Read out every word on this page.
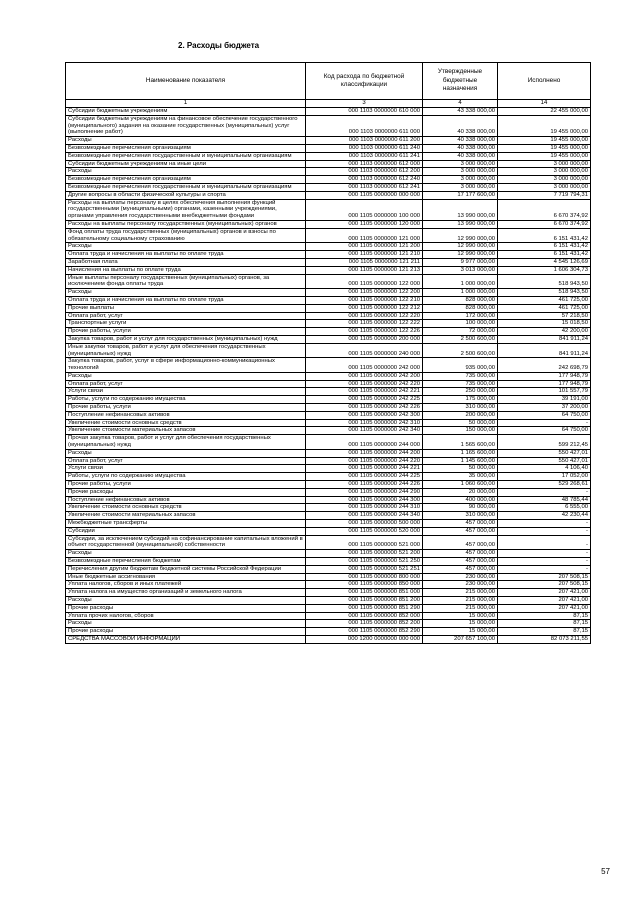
2. Расходы бюджета
Наименование показателя	Код расхода по бюджетной классификации	Утвержденные бюджетные назначения	Исполнено
1	3	4	14
Субсидии бюджетным учреждениям	000 1103 0000000 610 000	43 338 000,00	22 455 000,00
Субсидии бюджетным учреждениям на финансовое обеспечение государственного (муниципального) задания на оказание государственных (муниципальных) услуг (выполнение работ)	000 1103 0000000 611 000	40 338 000,00	19 455 000,00
Расходы	000 1103 0000000 611 200	40 338 000,00	19 455 000,00
Безвозмездные перечисления организациям	000 1103 0000000 611 240	40 338 000,00	19 455 000,00
Безвозмездные перечисления государственным и муниципальным организациям	000 1103 0000000 611 241	40 338 000,00	19 455 000,00
Субсидии бюджетным учреждениям на иные цели	000 1103 0000000 612 000	3 000 000,00	3 000 000,00
Расходы	000 1103 0000000 612 200	3 000 000,00	3 000 000,00
Безвозмездные перечисления организациям	000 1103 0000000 612 240	3 000 000,00	3 000 000,00
Безвозмездные перечисления государственным и муниципальным организациям	000 1103 0000000 612 241	3 000 000,00	3 000 000,00
Другие вопросы в области физической культуры и спорта	000 1105 0000000 000 000	17 177 600,00	7 719 794,31
Расходы на выплаты персоналу в целях обеспечения выполнения функций государственными (муниципальными) органами, казенными учреждениями, органами управления государственными внебюджетными фондами	000 1105 0000000 100 000	13 990 000,00	6 670 374,92
Расходы на выплаты персоналу государственных (муниципальных) органов	000 1105 0000000 120 000	13 990 000,00	6 670 374,92
Фонд оплаты труда государственных (муниципальных) органов и взносы по обязательному социальному страхованию	000 1105 0000000 121 000	12 990 000,00	6 151 431,42
Расходы	000 1105 0000000 121 200	12 990 000,00	6 151 431,42
Оплата труда и начисления на выплаты по оплате труда	000 1105 0000000 121 210	12 990 000,00	6 151 431,42
Заработная плата	000 1105 0000000 121 211	9 977 000,00	4 545 126,69
Начисления на выплаты по оплате труда	000 1105 0000000 121 213	3 013 000,00	1 606 304,73
Иные выплаты персоналу государственных (муниципальных) органов, за исключением фонда оплаты труда	000 1105 0000000 122 000	1 000 000,00	518 943,50
Расходы	000 1105 0000000 122 200	1 000 000,00	518 943,50
Оплата труда и начисления на выплаты по оплате труда	000 1105 0000000 122 210	828 000,00	461 725,00
Прочие выплаты	000 1105 0000000 122 212	828 000,00	461 725,00
Оплата работ, услуг	000 1105 0000000 122 220	172 000,00	57 218,50
Транспортные услуги	000 1105 0000000 122 222	100 000,00	15 018,50
Прочие работы, услуги	000 1105 0000000 122 226	72 000,00	42 200,00
Закупка товаров, работ и услуг для государственных (муниципальных) нужд	000 1105 0000000 200 000	2 500 600,00	841 911,24
Иные закупки товаров, работ и услуг для обеспечения государственных (муниципальных) нужд	000 1105 0000000 240 000	2 500 600,00	841 911,24
Закупка товаров, работ, услуг в сфере информационно-коммуникационных технологий	000 1105 0000000 242 000	935 000,00	242 698,79
Расходы	000 1105 0000000 242 200	735 000,00	177 948,79
Оплата работ, услуг	000 1105 0000000 242 220	735 000,00	177 948,79
Услуги связи	000 1105 0000000 242 221	250 000,00	101 557,79
Работы, услуги по содержанию имущества	000 1105 0000000 242 225	175 000,00	39 191,00
Прочие работы, услуги	000 1105 0000000 242 226	310 000,00	37 200,00
Поступление нефинансовых активов	000 1105 0000000 242 300	200 000,00	64 750,00
Увеличение стоимости основных средств	000 1105 0000000 242 310	50 000,00	-
Увеличение стоимости материальных запасов	000 1105 0000000 242 340	150 000,00	64 750,00
Прочая закупка товаров, работ и услуг для обеспечения государственных (муниципальных) нужд	000 1105 0000000 244 000	1 565 600,00	599 212,45
Расходы	000 1105 0000000 244 200	1 165 600,00	550 427,01
Оплата работ, услуг	000 1105 0000000 244 220	1 145 600,00	550 427,01
Услуги связи	000 1105 0000000 244 221	50 000,00	4 106,40
Работы, услуги по содержанию имущества	000 1105 0000000 244 225	35 000,00	17 052,00
Прочие работы, услуги	000 1105 0000000 244 226	1 060 600,00	529 268,61
Прочие расходы	000 1105 0000000 244 290	20 000,00	-
Поступление нефинансовых активов	000 1105 0000000 244 300	400 000,00	48 785,44
Увеличение стоимости основных средств	000 1105 0000000 244 310	90 000,00	6 555,00
Увеличение стоимости материальных запасов	000 1105 0000000 244 340	310 000,00	42 230,44
Межбюджетные трансферты	000 1105 0000000 500 000	457 000,00	-
Субсидии	000 1105 0000000 520 000	457 000,00	-
Субсидии, за исключением субсидий на софинансирование капитальных вложений в объект государственной (муниципальной) собственности	000 1105 0000000 521 000	457 000,00	-
Расходы	000 1105 0000000 521 200	457 000,00	-
Безвозмездные перечисления бюджетам	000 1105 0000000 521 250	457 000,00	-
Перечисления другим бюджетам бюджетной системы Российской Федерации	000 1105 0000000 521 251	457 000,00	-
Иные бюджетные ассигнования	000 1105 0000000 800 000	230 000,00	207 508,15
Уплата налогов, сборов и иных платежей	000 1105 0000000 850 000	230 000,00	207 508,15
Уплата налога на имущество организаций и земельного налога	000 1105 0000000 851 000	215 000,00	207 421,00
Расходы	000 1105 0000000 851 200	215 000,00	207 421,00
Прочие расходы	000 1105 0000000 851 290	215 000,00	207 421,00
Уплата прочих налогов, сборов	000 1105 0000000 852 000	15 000,00	87,15
Расходы	000 1105 0000000 852 200	15 000,00	87,15
Прочие расходы	000 1105 0000000 852 290	15 000,00	87,15
СРЕДСТВА МАССОВОЙ ИНФОРМАЦИИ	000 1200 0000000 000 000	207 657 100,00	82 073 211,55
57
